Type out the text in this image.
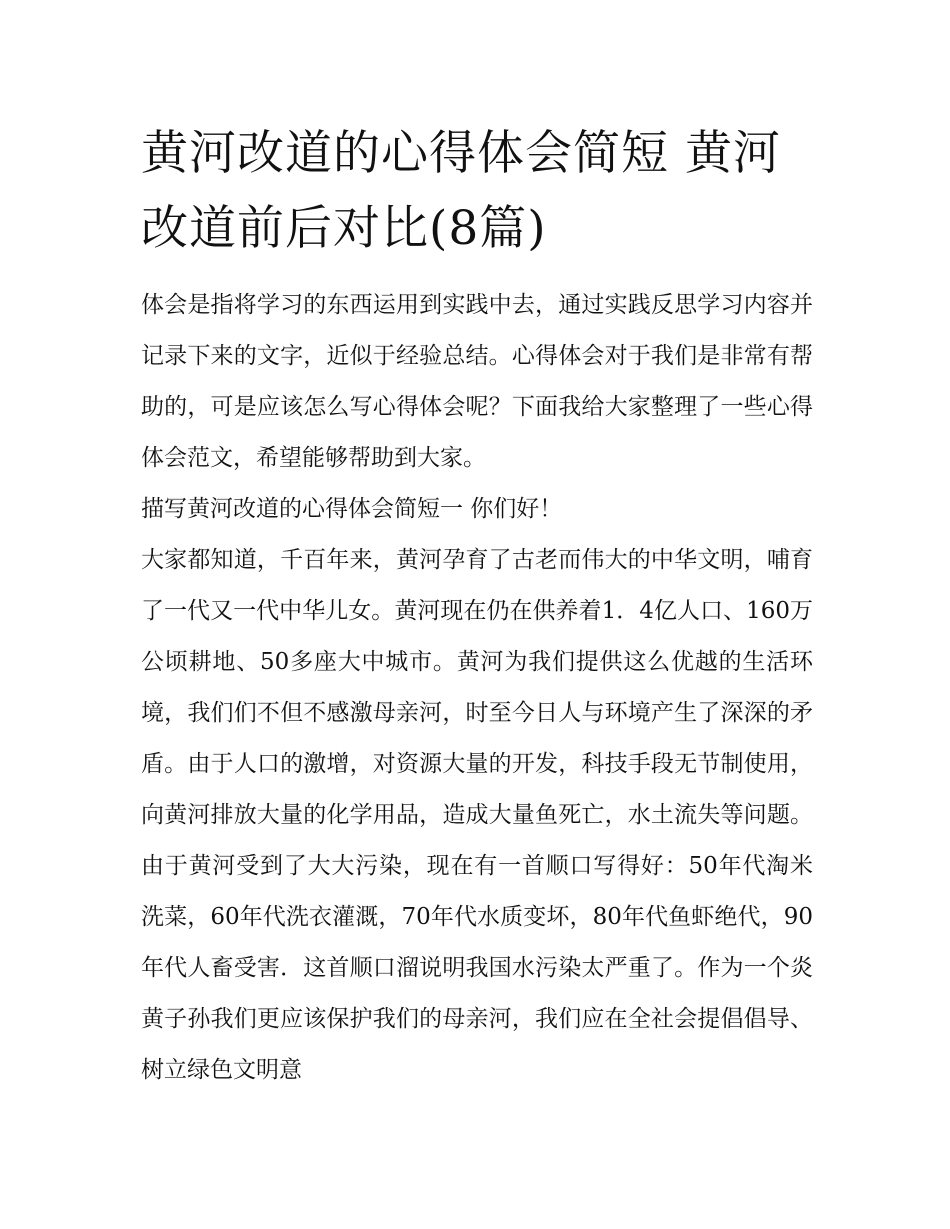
黄河改道的心得体会简短 黄河改道前后对比(8篇)

体会是指将学习的东西运用到实践中去，通过实践反思学习内容并记录下来的文字，近似于经验总结。心得体会对于我们是非常有帮助的，可是应该怎么写心得体会呢？下面我给大家整理了一些心得体会范文，希望能够帮助到大家。

描写黄河改道的心得体会简短一 你们好！

大家都知道，千百年来，黄河孕育了古老而伟大的中华文明，哺育了一代又一代中华儿女。黄河现在仍在供养着1．4亿人口、160万公顷耕地、50多座大中城市。黄河为我们提供这么优越的生活环境，我们们不但不感激母亲河，时至今日人与环境产生了深深的矛盾。由于人口的激增，对资源大量的开发，科技手段无节制使用，向黄河排放大量的化学用品，造成大量鱼死亡，水土流失等问题。由于黄河受到了大大污染，现在有一首顺口写得好：50年代淘米洗菜，60年代洗衣灌溉，70年代水质变坏，80年代鱼虾绝代，90年代人畜受害．这首顺口溜说明我国水污染太严重了。作为一个炎黄子孙我们更应该保护我们的母亲河，我们应在全社会提倡倡导、树立绿色文明意
